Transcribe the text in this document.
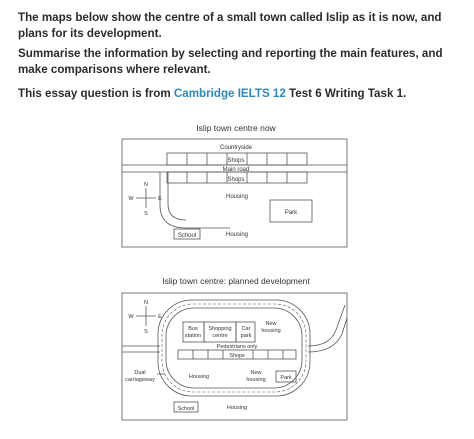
The maps below show the centre of a small town called Islip as it is now, and plans for its development.

Summarise the information by selecting and reporting the main features, and make comparisons where relevant.

This essay question is from Cambridge IELTS 12 Test 6 Writing Task 1.

Islip town centre now
Countryside
Shops
Main road
Shops
Housing
Park
School	Housing
N
S
W	E
Islip town centre: planned development
Bus
station
Shopping
centre
Car
park
New
housing
Pedestrians only
Shops
Housing
New
housing	Park
Dual
carriageway
School	Housing
N
S
W	E
